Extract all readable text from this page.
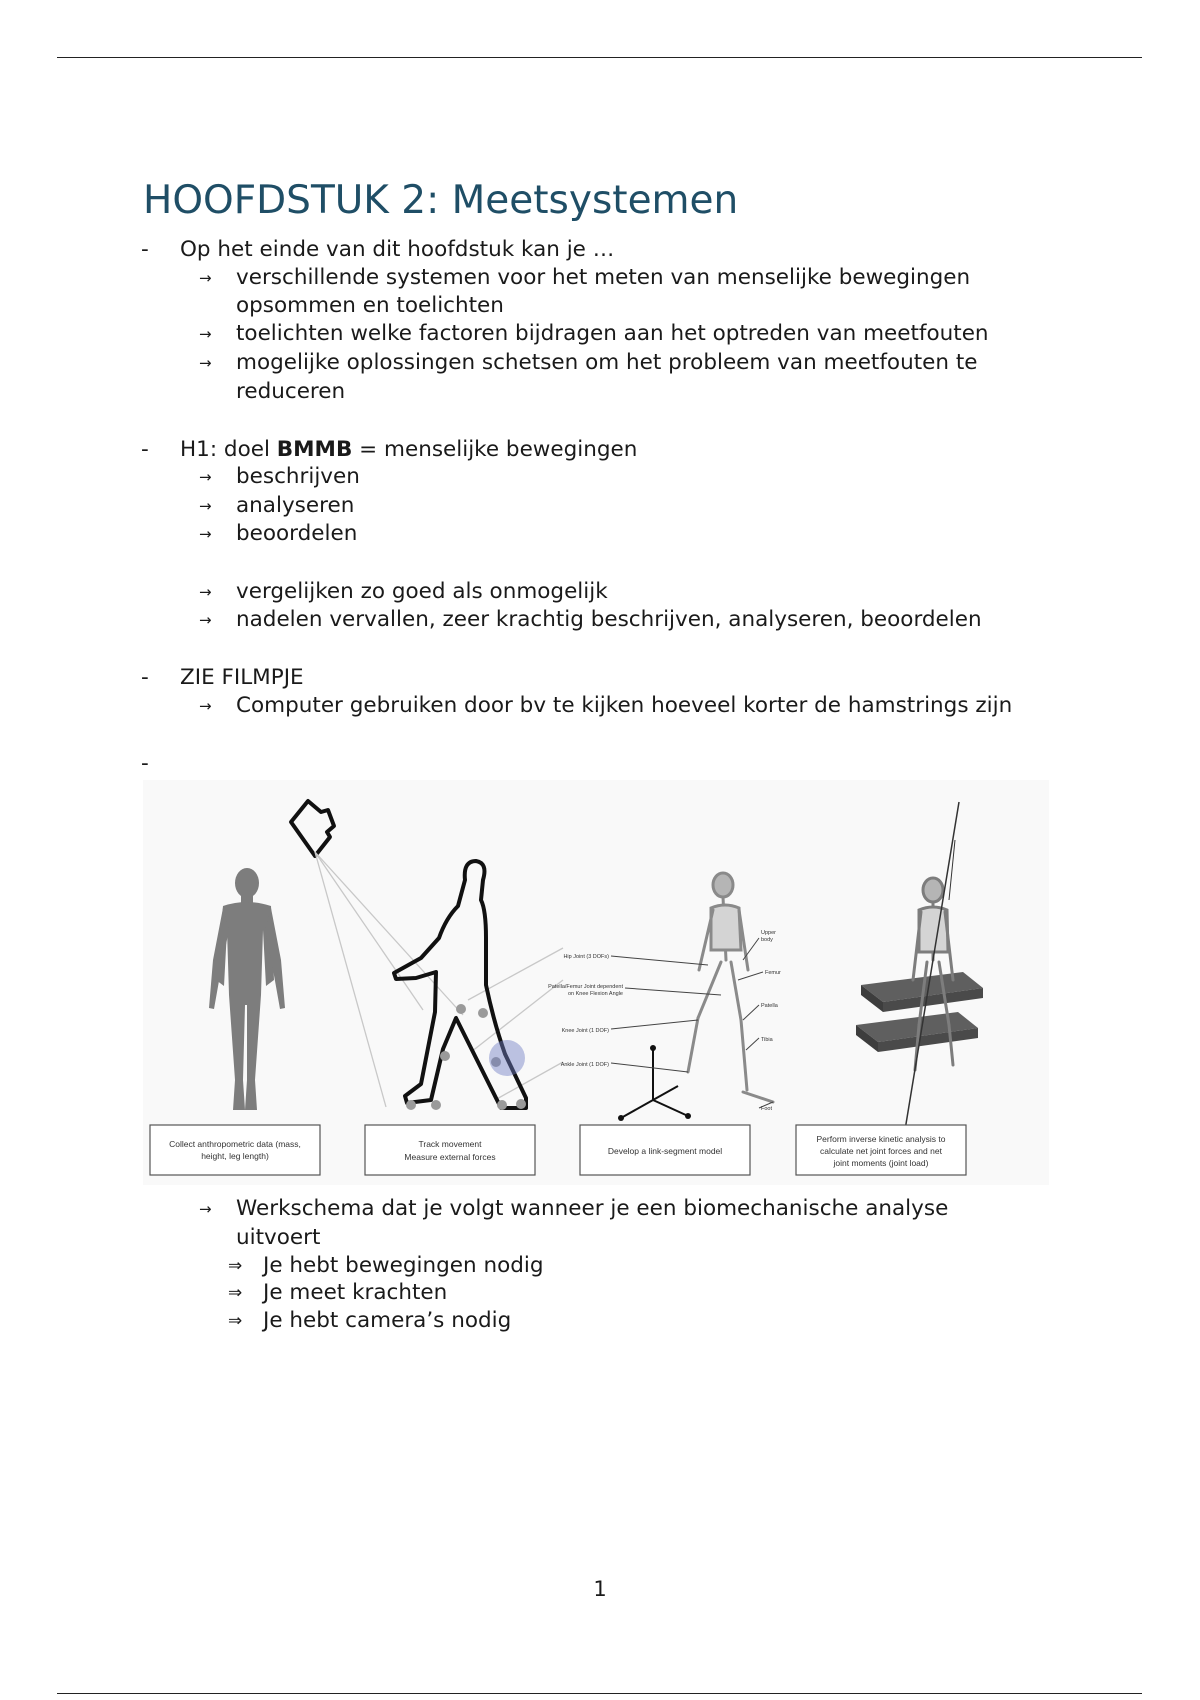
HOOFDSTUK 2: Meetsystemen
- Op het einde van dit hoofdstuk kan je …
→ verschillende systemen voor het meten van menselijke bewegingen
opsommen en toelichten
→ toelichten welke factoren bijdragen aan het optreden van meetfouten
→ mogelijke oplossingen schetsen om het probleem van meetfouten te
reduceren
- H1: doel BMMB = menselijke bewegingen
→ beschrijven
→ analyseren
→ beoordelen
→ vergelijken zo goed als onmogelijk
→ nadelen vervallen, zeer krachtig beschrijven, analyseren, beoordelen
- ZIE FILMPJE
→ Computer gebruiken door bv te kijken hoeveel korter de hamstrings zijn
-
Hip Joint (3 DOFs)
Patella/Femur Joint dependent
on Knee Flexion Angle
Knee Joint (1 DOF)
Ankle Joint (1 DOF)
Upper
body
Femur
Patella
Tibia
Foot
Collect anthropometric data (mass,
height, leg length)
Track movement
Measure external forces
Develop a link-segment model
Perform inverse kinetic analysis to
calculate net joint forces and net
joint moments (joint load)
→ Werkschema dat je volgt wanneer je een biomechanische analyse
uitvoert
⇒ Je hebt bewegingen nodig
⇒ Je meet krachten
⇒ Je hebt camera’s nodig
1
